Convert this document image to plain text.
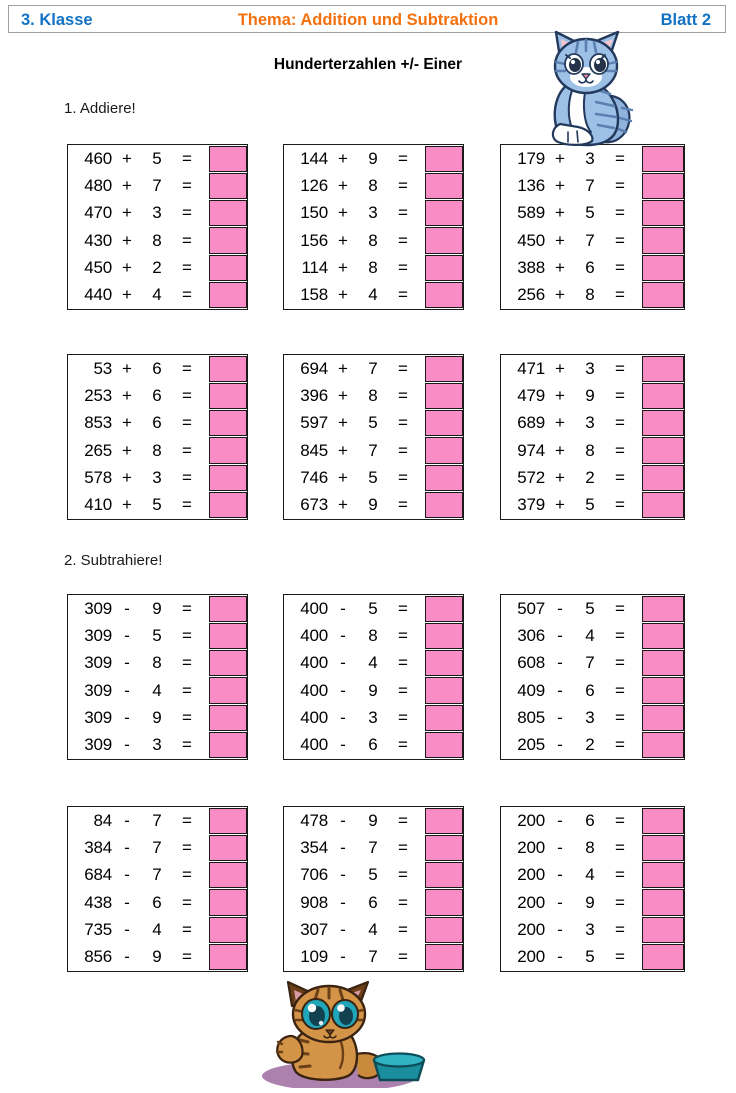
3. Klasse	Thema: Addition und Subtraktion	Blatt 2
Hunderterzahlen +/- Einer
1. Addiere!
2. Subtrahiere!
460 +	5	=
480 +	7	=
470 +	3	=
430 +	8	=
450 +	2	=
440 +	4	=
144 +	9	=
126 +	8	=
150 +	3	=
156 +	8	=
114 +	8	=
158 +	4	=
179 +	3	=
136 +	7	=
589 +	5	=
450 +	7	=
388 +	6	=
256 +	8	=
53 +	6	=
253 +	6	=
853 +	6	=
265 +	8	=
578 +	3	=
410 +	5	=
694 +	7	=
396 +	8	=
597 +	5	=
845 +	7	=
746 +	5	=
673 +	9	=
471 +	3	=
479 +	9	=
689 +	3	=
974 +	8	=
572 +	2	=
379 +	5	=
309 -	9	=
309 -	5	=
309 -	8	=
309 -	4	=
309 -	9	=
309 -	3	=
400 -	5	=
400 -	8	=
400 -	4	=
400 -	9	=
400 -	3	=
400 -	6	=
507 -	5	=
306 -	4	=
608 -	7	=
409 -	6	=
805 -	3	=
205 -	2	=
84 -	7	=
384 -	7	=
684 -	7	=
438 -	6	=
735 -	4	=
856 -	9	=
478 -	9	=
354 -	7	=
706 -	5	=
908 -	6	=
307 -	4	=
109 -	7	=
200 -	6	=
200 -	8	=
200 -	4	=
200 -	9	=
200 -	3	=
200 -	5	=
